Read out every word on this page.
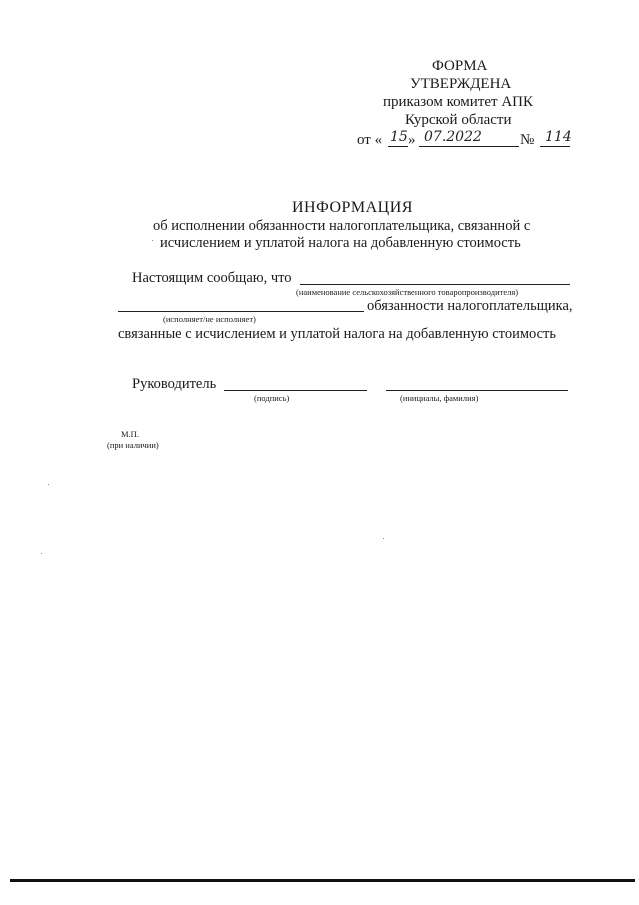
ФОРМА
УТВЕРЖДЕНА
приказом комитет АПК
Курской области
от « 15 » 07.2022	№ 114
ИНФОРМАЦИЯ
об исполнении обязанности налогоплательщика, связанной с
исчислением и уплатой налога на добавленную стоимость
Настоящим сообщаю, что
(наименование сельскохозяйственного товаропроизводителя)
обязанности налогоплательщика,
(исполняет/не исполняет)
связанные с исчислением и уплатой налога на добавленную стоимость
Руководитель
(подпись)	(инициалы, фамилия)
М.П.
(при наличии)
